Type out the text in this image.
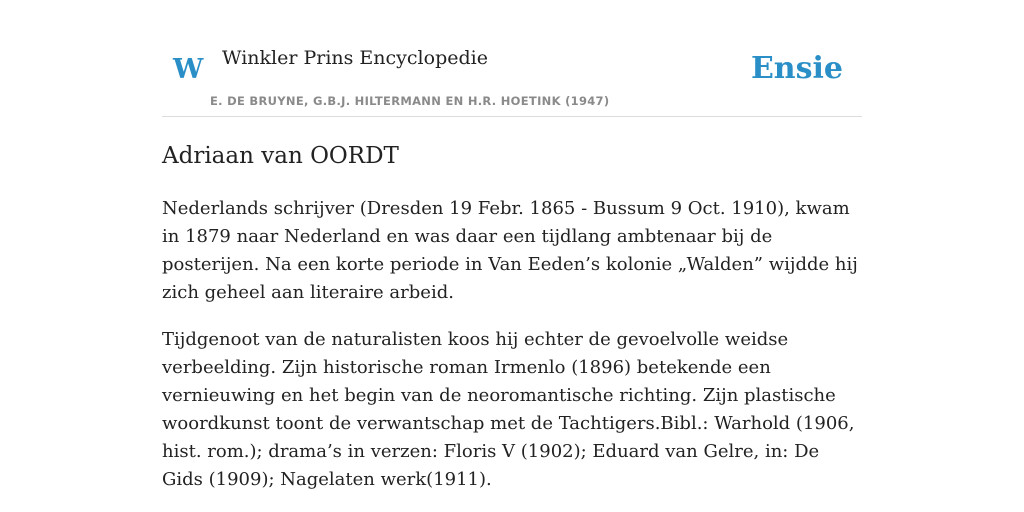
W Winkler Prins Encyclopedie
E. DE BRUYNE, G.B.J. HILTERMANN EN H.R. HOETINK (1947)
Ensie
Adriaan van OORDT

Nederlands schrijver (Dresden 19 Febr. 1865 - Bussum 9 Oct. 1910), kwam in 1879 naar Nederland en was daar een tijdlang ambtenaar bij de posterijen. Na een korte periode in Van Eeden’s kolonie „Walden” wijdde hij zich geheel aan literaire arbeid.

Tijdgenoot van de naturalisten koos hij echter de gevoelvolle weidse verbeelding. Zijn historische roman Irmenlo (1896) betekende een vernieuwing en het begin van de neoromantische richting. Zijn plastische woordkunst toont de verwantschap met de Tachtigers.Bibl.: Warhold (1906, hist. rom.); drama’s in verzen: Floris V (1902); Eduard van Gelre, in: De Gids (1909); Nagelaten werk(1911).
